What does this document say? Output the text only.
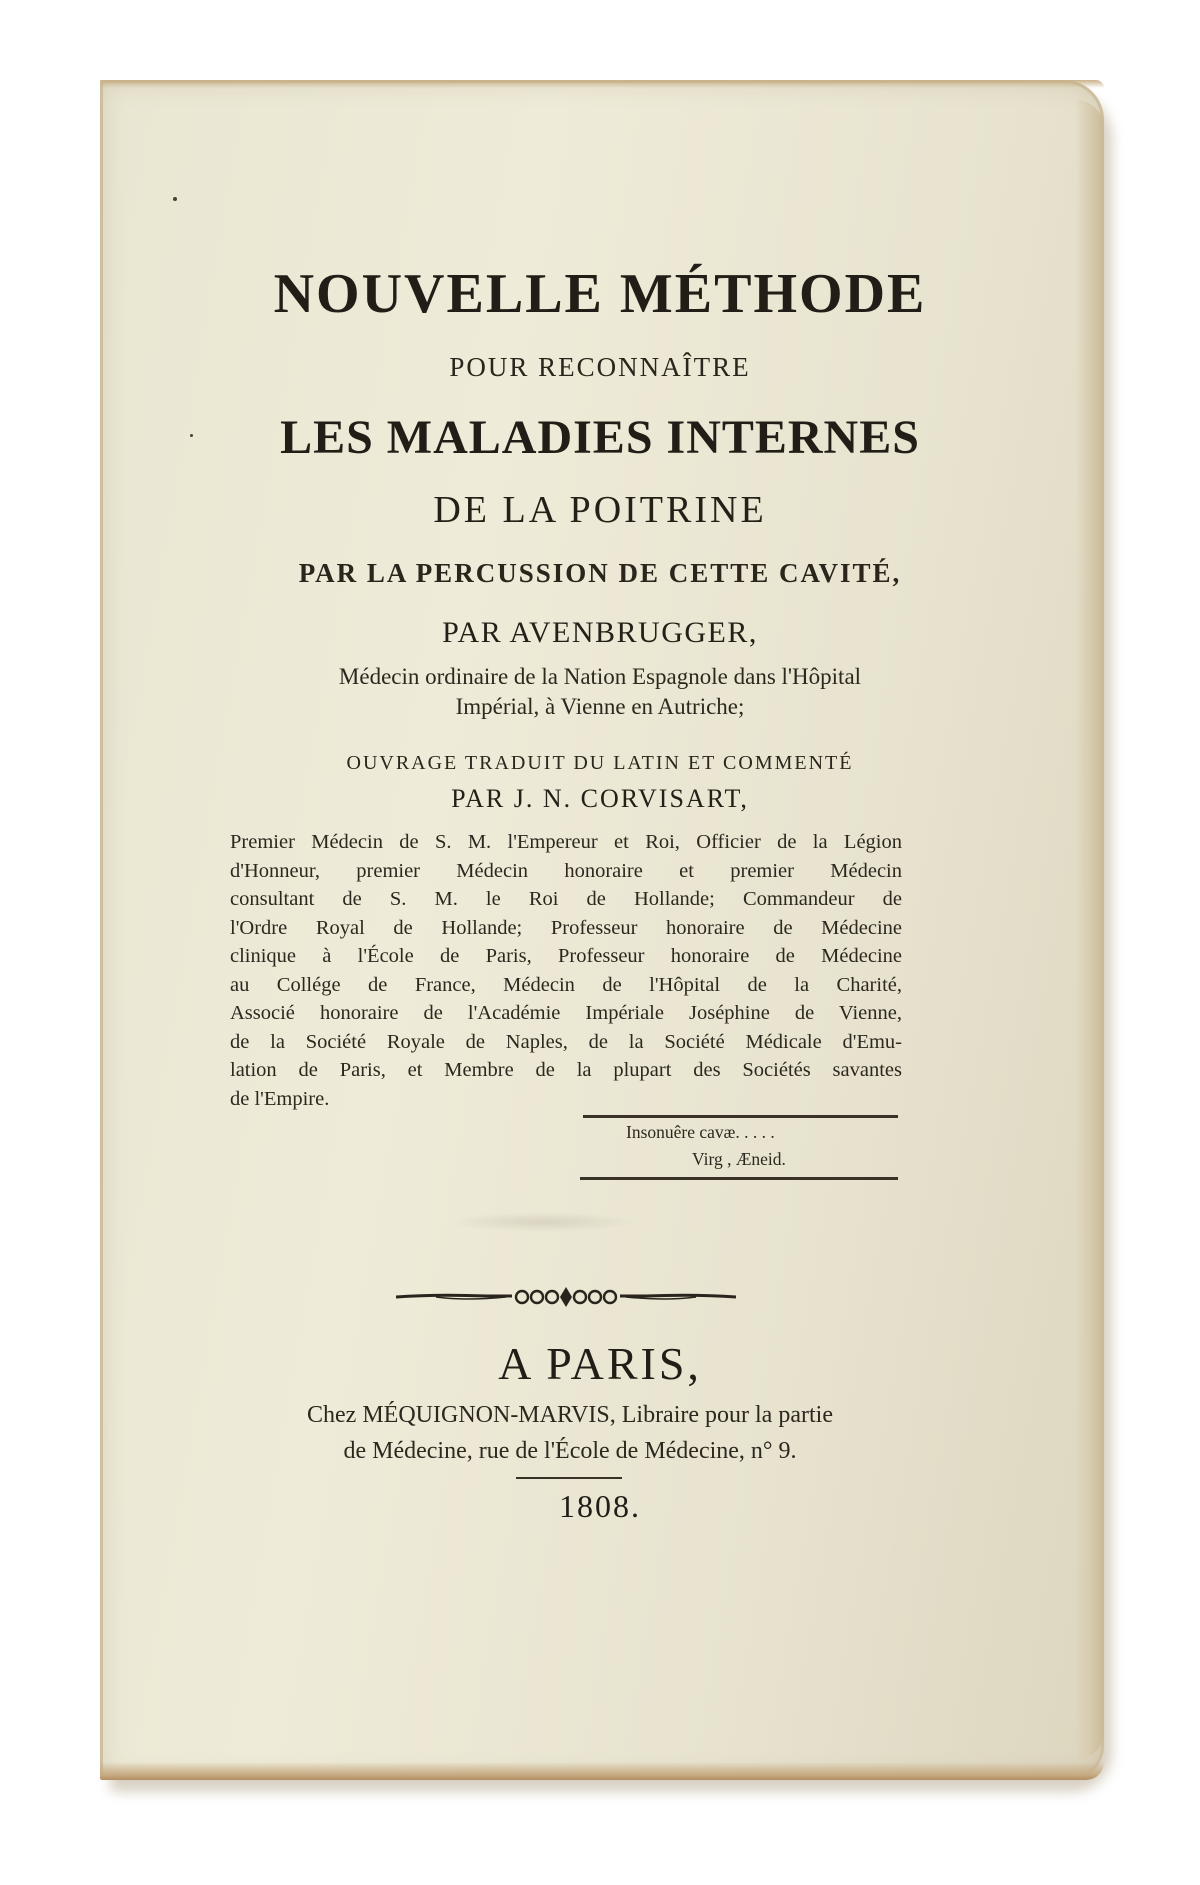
NOUVELLE MÉTHODE
POUR RECONNAÎTRE
LES MALADIES INTERNES
DE LA POITRINE
PAR LA PERCUSSION DE CETTE CAVITÉ,
PAR AVENBRUGGER,
Médecin ordinaire de la Nation Espagnole dans l'Hôpital
Impérial, à Vienne en Autriche;
OUVRAGE TRADUIT DU LATIN ET COMMENTÉ
PAR J. N. CORVISART,
Premier Médecin de S. M. l'Empereur et Roi, Officier de la Légion
d'Honneur, premier Médecin honoraire et premier Médecin
consultant de S. M. le Roi de Hollande; Commandeur de
l'Ordre Royal de Hollande; Professeur honoraire de Médecine
clinique à l'École de Paris, Professeur honoraire de Médecine
au Collége de France, Médecin de l'Hôpital de la Charité,
Associé honoraire de l'Académie Impériale Joséphine de Vienne,
de la Société Royale de Naples, de la Société Médicale d'Emu-
lation de Paris, et Membre de la plupart des Sociétés savantes
de l'Empire.
Insonuêre cavæ. . . . .
Virg , Æneid.
A PARIS,
Chez MÉQUIGNON-MARVIS, Libraire pour la partie
de Médecine, rue de l'École de Médecine, n° 9.
1808.
